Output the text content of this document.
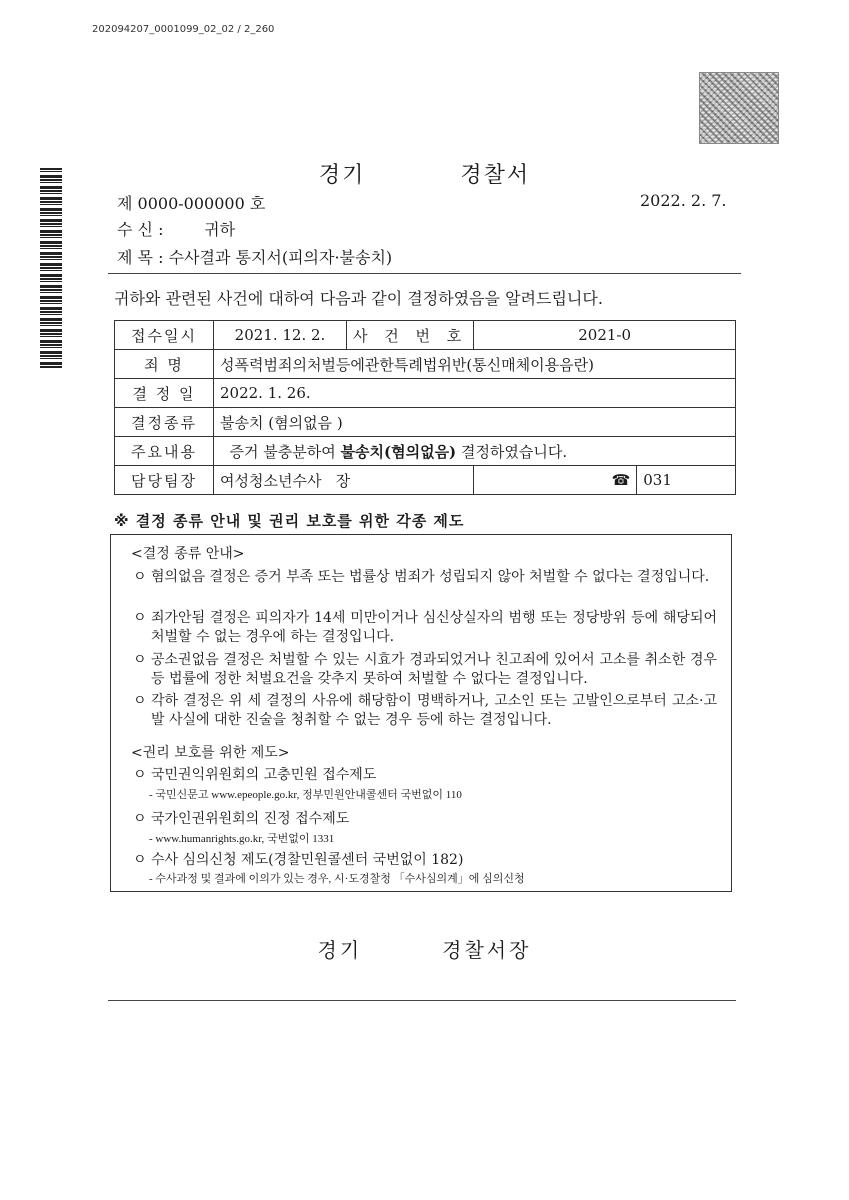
202094207_0001099_02_02 / 2_260
경기	경찰서
제 0000-000000 호	2022. 2. 7.
수 신 :	귀하
제 목 : 수사결과 통지서(피의자·불송치)
귀하와 관련된 사건에 대하여 다음과 같이 결정하였음을 알려드립니다.
접수일시	2021. 12. 2.	사 건 번 호	2021-0	
죄 명	성폭력범죄의처벌등에관한특례법위반(통신매체이용음란)			
결 정 일	2022. 1. 26.			
결정종류	불송치 (혐의없음 )			
주요내용	증거 불충분하여 불송치(혐의없음) 결정하였습니다.			
담당팀장	여성청소년수사 장		☎	031
※ 결정 종류 안내 및 권리 보호를 위한 각종 제도
<결정 종류 안내>
ㅇ 혐의없음 결정은 증거 부족 또는 법률상 범죄가 성립되지 않아 처벌할 수 없다는 결정입니다.
ㅇ 죄가안됨 결정은 피의자가 14세 미만이거나 심신상실자의 범행 또는 정당방위 등에 해당되어 처벌할 수 없는 경우에 하는 결정입니다.
ㅇ 공소권없음 결정은 처벌할 수 있는 시효가 경과되었거나 친고죄에 있어서 고소를 취소한 경우 등 법률에 정한 처벌요건을 갖추지 못하여 처벌할 수 없다는 결정입니다.
ㅇ 각하 결정은 위 세 결정의 사유에 해당함이 명백하거나, 고소인 또는 고발인으로부터 고소·고발 사실에 대한 진술을 청취할 수 없는 경우 등에 하는 결정입니다.
<권리 보호를 위한 제도>
ㅇ 국민권익위원회의 고충민원 접수제도
- 국민신문고 www.epeople.go.kr, 정부민원안내콜센터 국번없이 110
ㅇ 국가인권위원회의 진정 접수제도
- www.humanrights.go.kr, 국번없이 1331
ㅇ 수사 심의신청 제도(경찰민원콜센터 국번없이 182)
- 수사과정 및 결과에 이의가 있는 경우, 시·도경찰청 「수사심의계」에 심의신청
경기	경찰서장
